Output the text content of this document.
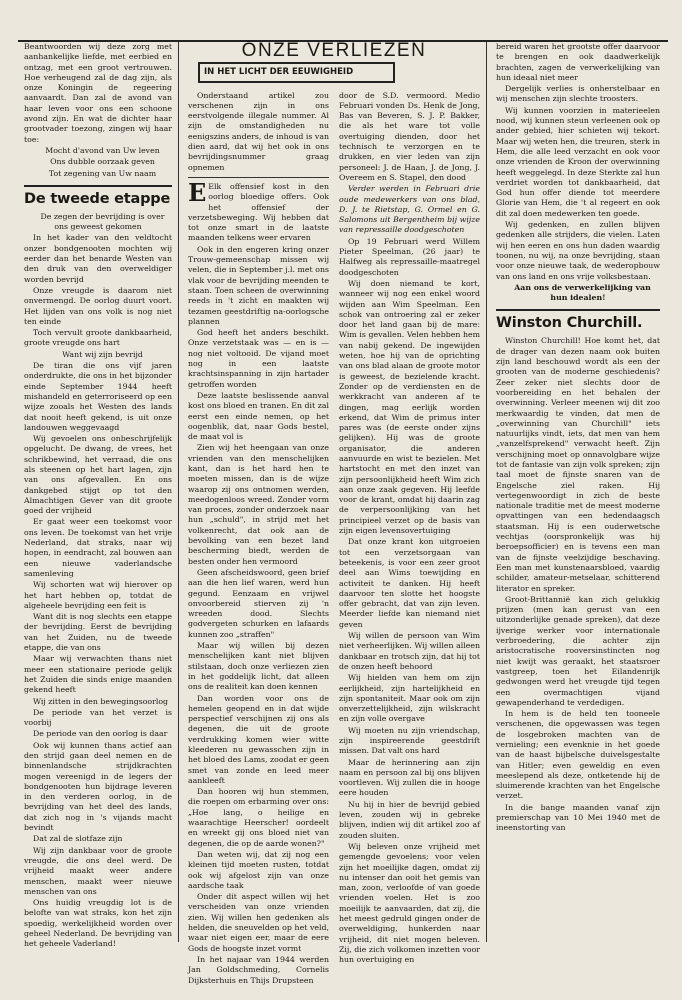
Beantwoorden wij deze zorg met aanhankelijke liefde, met eerbied en ontzag, met een groot vertrouwen. Hoe verheugend zal de dag zijn, als onze Koningin de regeering aanvaardt. Dan zal de avond van haar leven voor ons een schoone avond zijn. En wat de dichter haar grootvader toezong, zingen wij haar toe:

Mocht d'avond van Uw leven

Ons dubble oorzaak geven

Tot zegening van Uw naam

De tweede etappe

De zegen der bevrijding is over ons geweest gekomen

In het kader van den veldtocht onzer bondgenooten mochten wij eerder dan het benarde Westen van den druk van den overweldiger worden bevrijd

Onze vreugde is daarom niet onvermengd. De oorlog duurt voort. Het lijden van ons volk is nog niet ten einde

Toch vervult groote dankbaarheid, groote vreugde ons hart

Want wij zijn bevrijd

De tiran die ons vijf jaren onderdrukte, die ons in het bijzonder einde September 1944 heeft mishandeld en geterroriseerd op een wijze zooals het Westen des lands dat nooit heeft gekend, is uit onze landouwen weggevaagd

Wij gevoelen ons onbeschrijfelijk opgelucht. De dwang, de vrees, het schrikbewind, het verraad, die ons als steenen op het hart lagen, zijn van ons afgevallen. En ons dankgebed stijgt op tot den Almachtigen Gever van dit groote goed der vrijheid

Er gaat weer een toekomst voor ons leven. De toekomst van het vrije Nederland, dat straks, naar wij hopen, in eendracht, zal bouwen aan een nieuwe vaderlandsche samenleving

Wij schorten wat wij hierover op het hart hebben op, totdat de algeheele bevrijding een feit is

Want dit is nog slechts een etappe der bevrijding. Eerst de bevrijding van het Zuiden, nu de tweede etappe, die van ons

Maar wij verwachten thans niet meer een stationaire periode gelijk het Zuiden die sinds enige maanden gekend heeft

Wij zitten in den bewegingsoorlog

De periode van het verzet is voorbij

De periode van den oorlog is daar

Ook wij kunnen thans actief aan den strijd gaan deel nemen en de binnenlandsche strijdkrachten mogen vereenigd in de legers der bondgenooten hun bijdrage leveren in den verderen oorlog, in de bevrijding van het deel des lands, dat zich nog in 's vijands macht bevindt

Dat zal de slotfaze zijn

Wij zijn dankbaar voor de groote vreugde, die ons deel werd. De vrijheid maakt weer andere menschen, maakt weer nieuwe menschen van ons

Ons huidig vreugdig lot is de belofte van wat straks, kon het zijn spoedig, werkelijkheid worden over geheel Nederland. De bevrijding van het geheele Vaderland!

ONZE VERLIEZEN
IN HET LICHT DER EEUWIGHEID

Onderstaand artikel zou verschenen zijn in ons eerstvolgende illegale nummer. Al zijn de omstandigheden nu eenigszins anders, de inhoud is van dien aard, dat wij het ook in ons bevrijdingsnummer graag opnemen

E Elk offensief kost in den oorlog bloedige offers. Ook het offensief der verzetsbeweging. Wij hebben dat tot onze smart in de laatste maanden telkens weer ervaren

Ook in den engeren kring onzer Trouw-gemeenschap missen wij velen, die in September j.l. met ons vlak voor de bevrijding meenden te staan. Toen scheen de overwinning reeds in 't zicht en maakten wij tezamen geestdriftig na-oorlogsche plannen

God heeft het anders beschikt. Onze verzetstaak was — en is — nog niet voltooid. De vijand moet nog in een laatste krachtsinspanning in zijn hartader getroffen worden

Deze laatste beslissende aanval kost ons bloed en tranen. En dit zal eerst een einde nemen, op het oogenblik, dat, naar Gods bestel, de maat vol is

Zien wij het heengaan van onze vrienden van den menschelijken kant, dan is het hard hen te moeten missen, dan is de wijze waarop zij ons ontnomen werden, meedogenloos wreed. Zonder vorm van proces, zonder onderzoek naar hun „schuld", in strijd met het volkenrecht, dat ook aan de bevolking van een bezet land bescherming biedt, werden de besten onder hen vermoord

Geen afscheidswoord, geen brief aan die hen lief waren, werd hun gegund. Eenzaam en vrijwel onvoorbereid stierven zij 'n wreeden dood. Slechts godvergeten schurken en lafaards kunnen zoo „straffen"

Maar wij willen bij dezen menschelijken kant niet blijven stilstaan, doch onze verliezen zien in het goddelijk licht, dat alleen ons de realiteit kan doen kennen

Dan worden voor ons de hemelen geopend en in dat wijde perspectief verschijnen zij ons als degenen, die uit de groote verdrukking komen wier witte kleederen nu gewasschen zijn in het bloed des Lams, zoodat er geen smet van zonde en leed meer aankleeft

Dan hooren wij hun stemmen, die roepen om erbarming over ons: „Hoe lang, o heilige en waarachtige Heerscher! oordeelt en wreekt gij ons bloed niet van degenen, die op de aarde wonen?"

Dan weten wij, dat zij nog een kleinen tijd moeten rusten, totdat ook wij afgelost zijn van onze aardsche taak

Onder dit aspect willen wij het verscheiden van onze vrienden zien. Wij willen hen gedenken als helden, die sneuvelden op het veld, waar niet eigen eer, maar de eere Gods de hoogste inzet vormt

In het najaar van 1944 werden Jan Goldschmeding, Cornelis Dijksterhuis en Thijs Drupsteen

door de S.D. vermoord. Medio Februari vonden Ds. Henk de Jong, Bas van Beveren, S. J. P. Bakker, die als het ware tot volle overtuiging dienden, door het technisch te verzorgen en te drukken, en vier leden van zijn personeel: J. de Haan, J. de Jong, J. Overeem en S. Stapel, den dood

Verder werden in Februari drie oude medewerkers van ons blad, D. J. te Rietstap, G. Ormel en G. Salomons uit Bergentheim bij wijze van repressaille doodgeschoten

Op 19 Februari werd Willem Pieter Speelman, (26 jaar) te Halfweg als repressaille-maatregel doodgeschoten

Wij doen niemand te kort, wanneer wij nog een enkel woord wijden aan Wim Speelman. Een schok van ontroering zal er zeker door het land gaan bij de mare: Wim is gevallen. Velen hebben hem van nabij gekend. De ingewijden weten, hoe hij van de oprichting van ons blad alaan de groote motor is geweest, de bezielende kracht. Zonder op de verdiensten en de werkkracht van anderen af te dingen, mag eerlijk worden erkend, dat Wim de primus inter pares was (de eerste onder zijns gelijken). Hij was de groote organisator, die anderen aanvuurde en wist te bezielen. Met hartstocht en met den inzet van zijn persoonlijkheid heeft Wim zich aan onze zaak gegeven. Hij leefde voor de krant, omdat hij daarin zag de verpersoonlijking van het principieel verzet op de basis van zijn eigen levensovertuiging

Dat onze krant kon uitgroeien tot een verzetsorgaan van beteekenis, is voor een zeer groot deel aan Wims toewijding en activiteit te danken. Hij heeft daarvoor ten slotte het hoogste offer gebracht, dat van zijn leven. Meerder liefde kan niemand niet geven

Wij willen de persoon van Wim niet verheerlijken. Wij willen alleen dankbaar en trotsch zijn, dat hij tot de onzen heeft behoord

Wij hielden van hem om zijn eerlijkheid, zijn hartelijkheid en zijn spontaniteit. Maar ook om zijn onverzettelijkheid, zijn wilskracht en zijn volle overgave

Wij moeten nu zijn vriendschap, zijn inspireerende geestdrift missen. Dat valt ons hard

Maar de herinnering aan zijn naam en persoon zal bij ons blijven voortleven. Wij zullen die in hooge eere houden

Nu hij in hier de bevrijd gebied leven, zouden wij in gebreke blijven, indien wij dit artikel zoo af zouden sluiten.

Wij beleven onze vrijheid met gemengde gevoelens; voor velen zijn het moeilijke dagen, omdat zij nu intenser dan ooit het gemis van man, zoon, verloofde of van goede vrienden voelen. Het is zoo moeilijk te aanvaarden, dat zij, die het meest gedruld gingen onder de overweldiging, hunkerden naar vrijheid, dit niet mogen beleven. Zij, die zich volkomen inzetten voor hun overtuiging en

bereid waren het grootste offer daarvoor te brengen en ook daadwerkelijk brachten, zagen de verwerkelijking van hun ideaal niet meer

Dergelijk verlies is onherstelbaar en wij menschen zijn slechte troosters.

Wij kunnen voorzien in materieelen nood, wij kunnen steun verleenen ook op ander gebied, hier schieten wij tekort. Maar wij weten hen, die treuren, sterk in Hem, die alle leed verzacht en ook voor onze vrienden de Kroon der overwinning heeft weggelegd. In deze Sterkte zal hun verdriet worden tot dankbaarheid, dat God hun offer diende tot meerdere Glorie van Hem, die 't al regeert en ook dit zal doen medewerken ten goede.

Wij gedenken, en zullen blijven gedenken alle strijders, die vielen. Laten wij hen eeren en ons hun daden waardig toonen, nu wij, na onze bevrijding, staan voor onze nieuwe taak, de wederopbouw van ons land en ons vrije volksbestaan.

Aan ons de verwerkelijking van hun idealen!

Winston Churchill.

Winston Churchill! Hoe komt het, dat de drager van dezen naam ook buiten zijn land beschouwd wordt als een der grooten van de moderne geschiedenis? Zeer zeker niet slechts door de voorbereiding en het behalen der overwinning. Verleer meenen wij dit zoo merkwaardig te vinden, dat men de „overwinning van Churchill" iets natuurlijks vindt, iets, dat men van hem „vanzelfsprekend" verwacht heeft. Zijn verschijning moet op onnavolgbare wijze tot de fantasie van zijn volk spreken; zijn taal moet de fijnste snaren van de Engelsche ziel raken. Hij vertegenwoordigt in zich de beste nationale traditie met de meest moderne opvattingen van een hedendaagsch staatsman. Hij is een ouderwetsche vechtjas (oorspronkelijk was hij beroepsofficier) en is tevens een man van de fijnste veelzijdige beschaving. Een man met kunstenaarsbloed, vaardig schilder, amateur-metselaar, schitterend literator en spreker.

Groot-Brittannië kan zich gelukkig prijzen (men kan gerust van een uitzonderlijke genade spreken), dat deze ijverige werker voor internationale verbroedering, die achter zijn aristocratische rooversinstincten nog niet kwijt was geraakt, het staatsroer vastgreep, toen het Eilandenrijk gedwongen werd het vreugde tijd tegen een overmachtigen vijand gewapenderhand te verdedigen.

In hem is de held ten tooneele verschenen, die opgewassen was tegen de losgebroken machten van de vernieling; een evenknie in het goede van de haast bijbelsche duivelsgestalte van Hitler; even geweldig en even meeslepend als deze, ontketende hij de sluimerende krachten van het Engelsche verzet.

In die bange maanden vanaf zijn premierschap van 10 Mei 1940 met de ineenstorting van
